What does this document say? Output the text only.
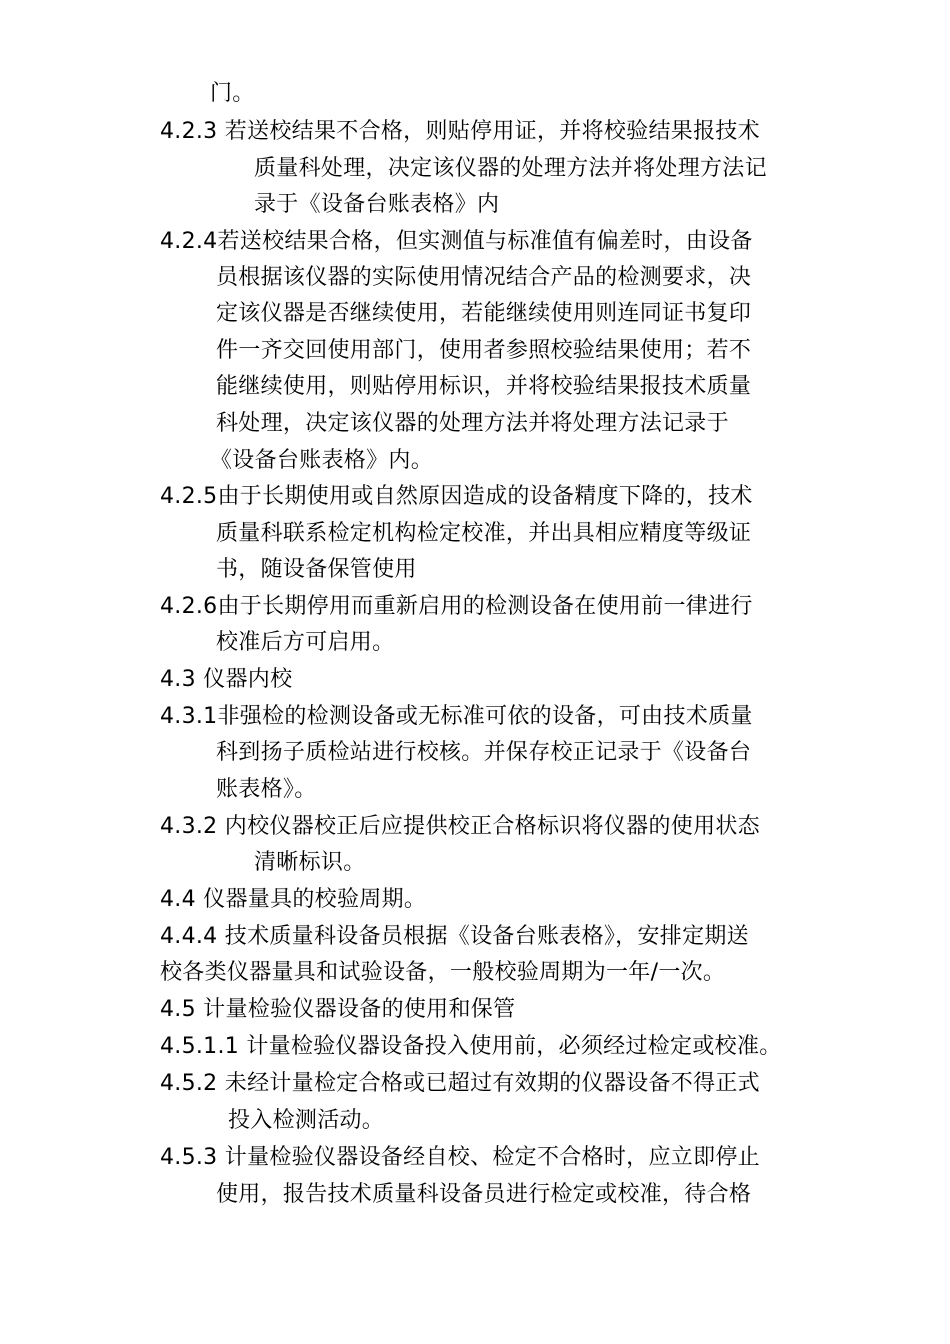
门。

4.2.3 若送校结果不合格，则贴停用证，并将校验结果报技术

质量科处理，决定该仪器的处理方法并将处理方法记

录于《设备台账表格》内

4.2.4若送校结果合格，但实测值与标准值有偏差时，由设备

员根据该仪器的实际使用情况结合产品的检测要求，决

定该仪器是否继续使用，若能继续使用则连同证书复印

件一齐交回使用部门，使用者参照校验结果使用；若不

能继续使用，则贴停用标识，并将校验结果报技术质量

科处理，决定该仪器的处理方法并将处理方法记录于

《设备台账表格》内。

4.2.5由于长期使用或自然原因造成的设备精度下降的，技术

质量科联系检定机构检定校准，并出具相应精度等级证

书，随设备保管使用

4.2.6由于长期停用而重新启用的检测设备在使用前一律进行

校准后方可启用。

4.3 仪器内校

4.3.1非强检的检测设备或无标准可依的设备，可由技术质量

科到扬子质检站进行校核。并保存校正记录于《设备台

账表格》。

4.3.2 内校仪器校正后应提供校正合格标识将仪器的使用状态

清晰标识。

4.4 仪器量具的校验周期。

4.4.4 技术质量科设备员根据《设备台账表格》，安排定期送

校各类仪器量具和试验设备，一般校验周期为一年/一次。

4.5 计量检验仪器设备的使用和保管

4.5.1.1 计量检验仪器设备投入使用前，必须经过检定或校准。

4.5.2 未经计量检定合格或已超过有效期的仪器设备不得正式

投入检测活动。

4.5.3 计量检验仪器设备经自校、检定不合格时，应立即停止

使用，报告技术质量科设备员进行检定或校准，待合格
